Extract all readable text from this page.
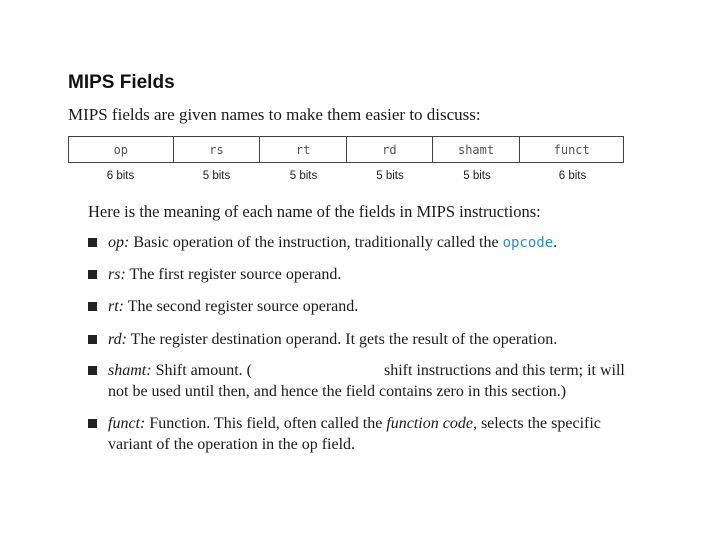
MIPS Fields
MIPS fields are given names to make them easier to discuss:
op	rs	rt	rd	shamt	funct
6 bits	5 bits	5 bits	5 bits	5 bits	6 bits
Here is the meaning of each name of the fields in MIPS instructions:
op: Basic operation of the instruction, traditionally called the opcode.
rs: The first register source operand.
rt: The second register source operand.
rd: The register destination operand. It gets the result of the operation.
shamt: Shift amount. (	shift instructions and this term; it will not be used until then, and hence the field contains zero in this section.)
funct: Function. This field, often called the function code, selects the specific variant of the operation in the op field.
